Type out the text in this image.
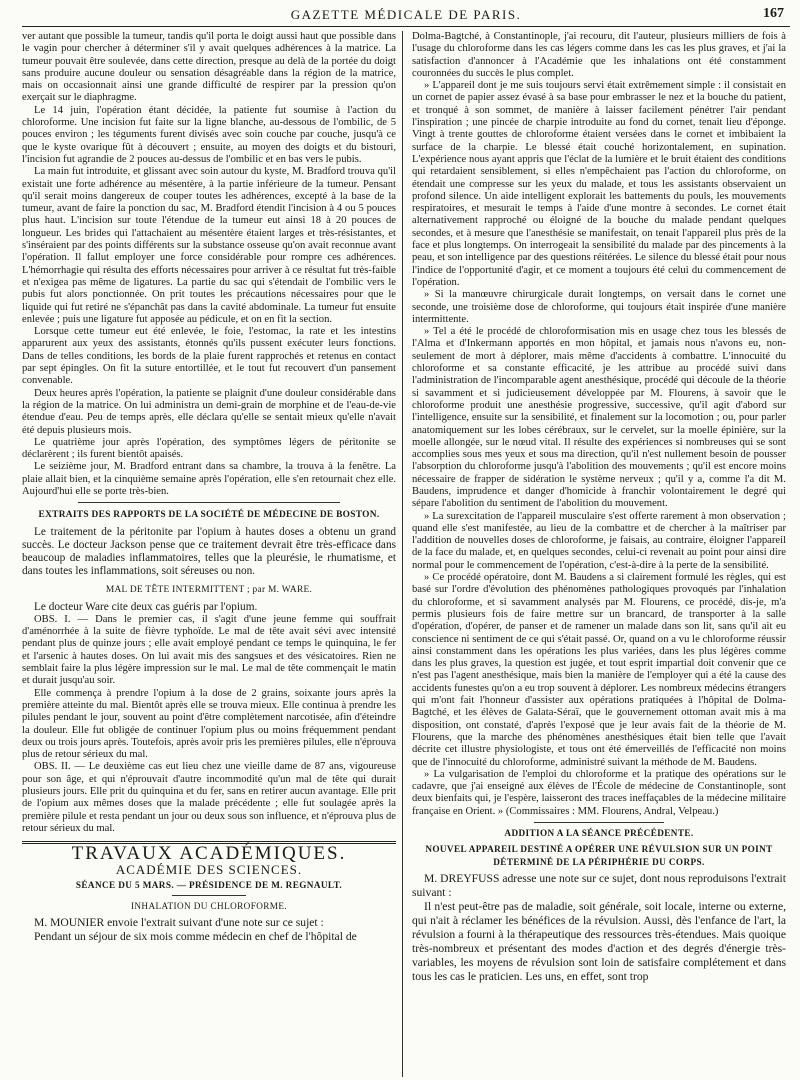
GAZETTE MÉDICALE DE PARIS.	167

ver autant que possible la tumeur, tandis qu'il porta le doigt aussi haut que possible dans le vagin pour chercher à déterminer s'il y avait quelques adhérences à la matrice. La tumeur pouvait être soulevée, dans cette direction, presque au delà de la portée du doigt sans produire aucune douleur ou sensation désagréable dans la région de la matrice, mais on occasionnait ainsi une grande difficulté de respirer par la pression qu'on exerçait sur le diaphragme.

Le 14 juin, l'opération étant décidée, la patiente fut soumise à l'action du chloroforme. Une incision fut faite sur la ligne blanche, au-dessous de l'ombilic, de 5 pouces environ ; les téguments furent divisés avec soin couche par couche, jusqu'à ce que le kyste ovarique fût à découvert ; ensuite, au moyen des doigts et du bistouri, l'incision fut agrandie de 2 pouces au-dessus de l'ombilic et en bas vers le pubis.

La main fut introduite, et glissant avec soin autour du kyste, M. Bradford trouva qu'il existait une forte adhérence au mésentère, à la partie inférieure de la tumeur. Pensant qu'il serait moins dangereux de couper toutes les adhérences, excepté à la base de la tumeur, avant de faire la ponction du sac, M. Bradford étendit l'incision à 4 ou 5 pouces plus haut. L'incision sur toute l'étendue de la tumeur eut ainsi 18 à 20 pouces de longueur. Les brides qui l'attachaient au mésentère étaient larges et très-résistantes, et s'inséraient par des points différents sur la substance osseuse qu'on avait reconnue avant l'opération. Il fallut employer une force considérable pour rompre ces adhérences. L'hémorrhagie qui résulta des efforts nécessaires pour arriver à ce résultat fut très-faible et n'exigea pas même de ligatures. La partie du sac qui s'étendait de l'ombilic vers le pubis fut alors ponctionnée. On prit toutes les précautions nécessaires pour que le liquide qui fut retiré ne s'épanchât pas dans la cavité abdominale. La tumeur fut ensuite enlevée ; puis une ligature fut apposée au pédicule, et on en fit la section.

Lorsque cette tumeur eut été enlevée, le foie, l'estomac, la rate et les intestins apparurent aux yeux des assistants, étonnés qu'ils pussent exécuter leurs fonctions. Dans de telles conditions, les bords de la plaie furent rapprochés et retenus en contact par sept épingles. On fit la suture entortillée, et le tout fut recouvert d'un pansement convenable.

Deux heures après l'opération, la patiente se plaignit d'une douleur considérable dans la région de la matrice. On lui administra un demi-grain de morphine et de l'eau-de-vie étendue d'eau. Peu de temps après, elle déclara qu'elle se sentait mieux qu'elle n'avait été depuis plusieurs mois.

Le quatrième jour après l'opération, des symptômes légers de péritonite se déclarèrent ; ils furent bientôt apaisés.

Le seizième jour, M. Bradford entrant dans sa chambre, la trouva à la fenêtre. La plaie allait bien, et la cinquième semaine après l'opération, elle s'en retournait chez elle. Aujourd'hui elle se porte très-bien.

EXTRAITS DES RAPPORTS DE LA SOCIÉTÉ DE MÉDECINE DE BOSTON.

Le traitement de la péritonite par l'opium à hautes doses a obtenu un grand succès. Le docteur Jackson pense que ce traitement devrait être très-efficace dans beaucoup de maladies inflammatoires, telles que la pleurésie, le rhumatisme, et dans toutes les inflammations, soit séreuses ou non.

MAL DE TÊTE INTERMITTENT ; par M. WARE.

Le docteur Ware cite deux cas guéris par l'opium.

OBS. I. — Dans le premier cas, il s'agit d'une jeune femme qui souffrait d'aménorrhée à la suite de fièvre typhoïde. Le mal de tête avait sévi avec intensité pendant plus de quinze jours ; elle avait employé pendant ce temps le quinquina, le fer et l'arsenic à hautes doses. On lui avait mis des sangsues et des vésicatoires. Rien ne semblait faire la plus légère impression sur le mal. Le mal de tête commençait le matin et durait jusqu'au soir.

Elle commença à prendre l'opium à la dose de 2 grains, soixante jours après la première atteinte du mal. Bientôt après elle se trouva mieux. Elle continua à prendre les pilules pendant le jour, souvent au point d'être complètement narcotisée, afin d'éteindre la douleur. Elle fut obligée de continuer l'opium plus ou moins fréquemment pendant deux ou trois jours après. Toutefois, après avoir pris les premières pilules, elle n'éprouva plus de retour sérieux du mal.

OBS. II. — Le deuxième cas eut lieu chez une vieille dame de 87 ans, vigoureuse pour son âge, et qui n'éprouvait d'autre incommodité qu'un mal de tête qui durait plusieurs jours. Elle prit du quinquina et du fer, sans en retirer aucun avantage. Elle prit de l'opium aux mêmes doses que la malade précédente ; elle fut soulagée après la première pilule et resta pendant un jour ou deux sous son influence, et n'éprouva plus de retour sérieux du mal.

TRAVAUX ACADÉMIQUES.
ACADÉMIE DES SCIENCES.
SÉANCE DU 5 MARS. — PRÉSIDENCE DE M. REGNAULT.
INHALATION DU CHLOROFORME.

M. MOUNIER envoie l'extrait suivant d'une note sur ce sujet :

Pendant un séjour de six mois comme médecin en chef de l'hôpital de

Dolma-Bagtché, à Constantinople, j'ai recouru, dit l'auteur, plusieurs milliers de fois à l'usage du chloroforme dans les cas légers comme dans les cas les plus graves, et j'ai la satisfaction d'annoncer à l'Académie que les inhalations ont été constamment couronnées du succès le plus complet.

» L'appareil dont je me suis toujours servi était extrêmement simple : il consistait en un cornet de papier assez évasé à sa base pour embrasser le nez et la bouche du patient, et tronqué à son sommet, de manière à laisser facilement pénétrer l'air pendant l'inspiration ; une pincée de charpie introduite au fond du cornet, tenait lieu d'éponge. Vingt à trente gouttes de chloroforme étaient versées dans le cornet et imbibaient la surface de la charpie. Le blessé était couché horizontalement, en supination. L'expérience nous ayant appris que l'éclat de la lumière et le bruit étaient des conditions qui retardaient sensiblement, si elles n'empêchaient pas l'action du chloroforme, on étendait une compresse sur les yeux du malade, et tous les assistants observaient un profond silence. Un aide intelligent explorait les battements du pouls, les mouvements respiratoires, et mesurait le temps à l'aide d'une montre à secondes. Le cornet était alternativement rapproché ou éloigné de la bouche du malade pendant quelques secondes, et à mesure que l'anesthésie se manifestait, on tenait l'appareil plus près de la face et plus longtemps. On interrogeait la sensibilité du malade par des pincements à la peau, et son intelligence par des questions réitérées. Le silence du blessé était pour nous l'indice de l'opportunité d'agir, et ce moment a toujours été celui du commencement de l'opération.

» Si la manœuvre chirurgicale durait longtemps, on versait dans le cornet une seconde, une troisième dose de chloroforme, qui toujours était inspirée d'une manière intermittente.

» Tel a été le procédé de chloroformisation mis en usage chez tous les blessés de l'Alma et d'Inkermann apportés en mon hôpital, et jamais nous n'avons eu, non-seulement de mort à déplorer, mais même d'accidents à combattre. L'innocuité du chloroforme et sa constante efficacité, je les attribue au procédé suivi dans l'administration de l'incomparable agent anesthésique, procédé qui découle de la théorie si savamment et si judicieusement développée par M. Flourens, à savoir que le chloroforme produit une anesthésie progressive, successive, qu'il agit d'abord sur l'intelligence, ensuite sur la sensibilité, et finalement sur la locomotion ; ou, pour parler anatomiquement sur les lobes cérébraux, sur le cervelet, sur la moelle épinière, sur la moelle allongée, sur le nœud vital. Il résulte des expériences si nombreuses qui se sont accomplies sous mes yeux et sous ma direction, qu'il n'est nullement besoin de pousser l'absorption du chloroforme jusqu'à l'abolition des mouvements ; qu'il est encore moins nécessaire de frapper de sidération le système nerveux ; qu'il y a, comme l'a dit M. Baudens, imprudence et danger d'homicide à franchir volontairement le degré qui sépare l'abolition du sentiment de l'abolition du mouvement.

» La surexcitation de l'appareil musculaire s'est offerte rarement à mon observation ; quand elle s'est manifestée, au lieu de la combattre et de chercher à la maîtriser par l'addition de nouvelles doses de chloroforme, je faisais, au contraire, éloigner l'appareil de la face du malade, et, en quelques secondes, celui-ci revenait au point pour ainsi dire normal pour le commencement de l'opération, c'est-à-dire à la perte de la sensibilité.

» Ce procédé opératoire, dont M. Baudens a si clairement formulé les règles, qui est basé sur l'ordre d'évolution des phénomènes pathologiques provoqués par l'inhalation du chloroforme, et si savamment analysés par M. Flourens, ce procédé, dis-je, m'a permis plusieurs fois de faire mettre sur un brancard, de transporter à la salle d'opération, d'opérer, de panser et de ramener un malade dans son lit, sans qu'il ait eu conscience ni sentiment de ce qui s'était passé. Or, quand on a vu le chloroforme réussir ainsi constamment dans les opérations les plus variées, dans les plus légères comme dans les plus graves, la question est jugée, et tout esprit impartial doit convenir que ce n'est pas l'agent anesthésique, mais bien la manière de l'employer qui a été la cause des accidents funestes qu'on a eu trop souvent à déplorer. Les nombreux médecins étrangers qui m'ont fait l'honneur d'assister aux opérations pratiquées à l'hôpital de Dolma-Bagtché, et les élèves de Galata-Séraï, que le gouvernement ottoman avait mis à ma disposition, ont constaté, d'après l'exposé que je leur avais fait de la théorie de M. Flourens, que la marche des phénomènes anesthésiques était bien telle que l'avait décrite cet illustre physiologiste, et tous ont été émerveillés de l'efficacité non moins que de l'innocuité du chloroforme, administré suivant la méthode de M. Baudens.

» La vulgarisation de l'emploi du chloroforme et la pratique des opérations sur le cadavre, que j'ai enseigné aux élèves de l'École de médecine de Constantinople, sont deux bienfaits qui, je l'espère, laisseront des traces ineffaçables de la médecine militaire française en Orient. » (Commissaires : MM. Flourens, Andral, Velpeau.)

ADDITION A LA SÉANCE PRÉCÉDENTE.
NOUVEL APPAREIL DESTINÉ A OPÉRER UNE RÉVULSION SUR UN POINT DÉTERMINÉ DE LA PÉRIPHÉRIE DU CORPS.

M. DREYFUSS adresse une note sur ce sujet, dont nous reproduisons l'extrait suivant :

Il n'est peut-être pas de maladie, soit générale, soit locale, interne ou externe, qui n'ait à réclamer les bénéfices de la révulsion. Aussi, dès l'enfance de l'art, la révulsion a fourni à la thérapeutique des ressources très-étendues. Mais quoique très-nombreux et présentant des modes d'action et des degrés d'énergie très-variables, les moyens de révulsion sont loin de satisfaire complétement et dans tous les cas le praticien. Les uns, en effet, sont trop
